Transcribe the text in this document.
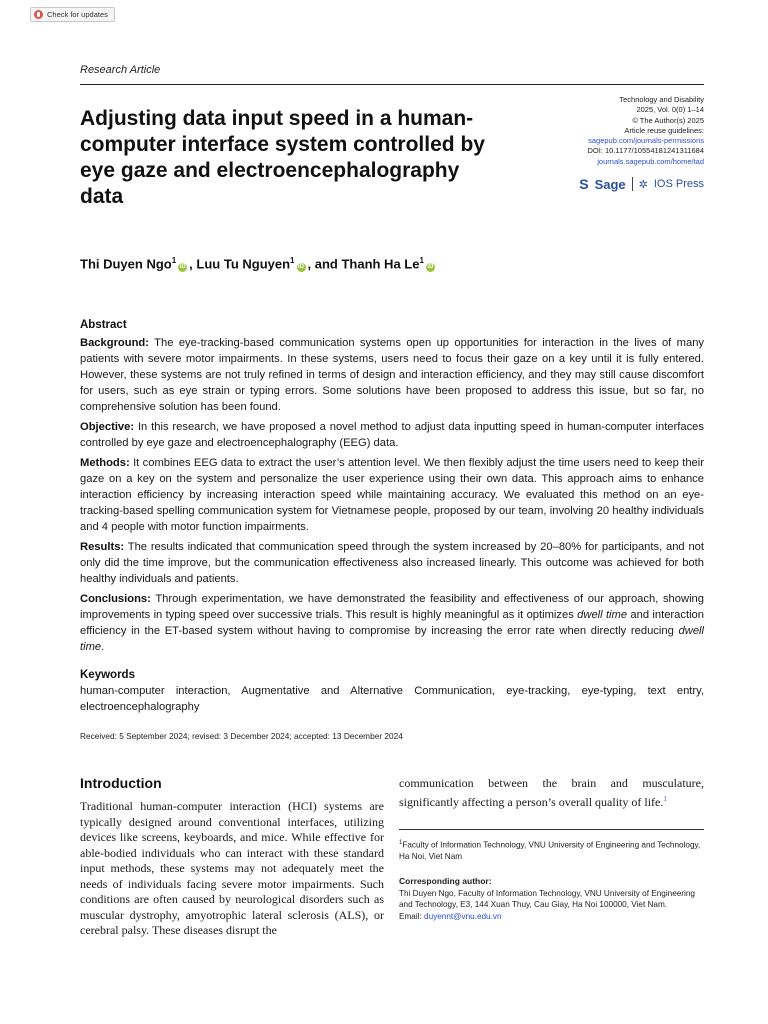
Check for updates
Research Article
Adjusting data input speed in a human-computer interface system controlled by eye gaze and electroencephalography data
Technology and Disability
2025, Vol. 0(0) 1–14
© The Author(s) 2025
Article reuse guidelines:
sagepub.com/journals-permissions
DOI: 10.1177/10554181241311684
journals.sagepub.com/home/tad
S Sage ✲ IOS Press
Thi Duyen Ngo$^1$iD , Luu Tu Nguyen$^1$iD , and Thanh Ha Le$^1$iD
Abstract

Background: The eye-tracking-based communication systems open up opportunities for interaction in the lives of many patients with severe motor impairments. In these systems, users need to focus their gaze on a key until it is fully entered. However, these systems are not truly refined in terms of design and interaction efficiency, and they may still cause discomfort for users, such as eye strain or typing errors. Some solutions have been proposed to address this issue, but so far, no comprehensive solution has been found.

Objective: In this research, we have proposed a novel method to adjust data inputting speed in human-computer interfaces controlled by eye gaze and electroencephalography (EEG) data.

Methods: It combines EEG data to extract the user’s attention level. We then flexibly adjust the time users need to keep their gaze on a key on the system and personalize the user experience using their own data. This approach aims to enhance interaction efficiency by increasing interaction speed while maintaining accuracy. We evaluated this method on an eye-tracking-based spelling communication system for Vietnamese people, proposed by our team, involving 20 healthy individuals and 4 people with motor function impairments.

Results: The results indicated that communication speed through the system increased by 20–80% for participants, and not only did the time improve, but the communication effectiveness also increased linearly. This outcome was achieved for both healthy individuals and patients.

Conclusions: Through experimentation, we have demonstrated the feasibility and effectiveness of our approach, showing improvements in typing speed over successive trials. This result is highly meaningful as it optimizes dwell time and interaction efficiency in the ET-based system without having to compromise by increasing the error rate when directly reducing dwell time.

Keywords

human-computer interaction, Augmentative and Alternative Communication, eye-tracking, eye-typing, text entry, electroencephalography

Received: 5 September 2024; revised: 3 December 2024; accepted: 13 December 2024
Introduction

Traditional human-computer interaction (HCI) systems are typically designed around conventional interfaces, utilizing devices like screens, keyboards, and mice. While effective for able-bodied individuals who can interact with these standard input methods, these systems may not adequately meet the needs of individuals facing severe motor impairments. Such conditions are often caused by neurological disorders such as muscular dystrophy, amyotrophic lateral sclerosis (ALS), or cerebral palsy. These diseases disrupt the

communication between the brain and musculature, significantly affecting a person’s overall quality of life.$^1$

$^1$Faculty of Information Technology, VNU University of Engineering and Technology, Ha Noi, Viet Nam

Corresponding author:
Thi Duyen Ngo, Faculty of Information Technology, VNU University of Engineering and Technology, E3, 144 Xuan Thuy, Cau Giay, Ha Noi 100000, Viet Nam.
Email: duyennt@vnu.edu.vn
